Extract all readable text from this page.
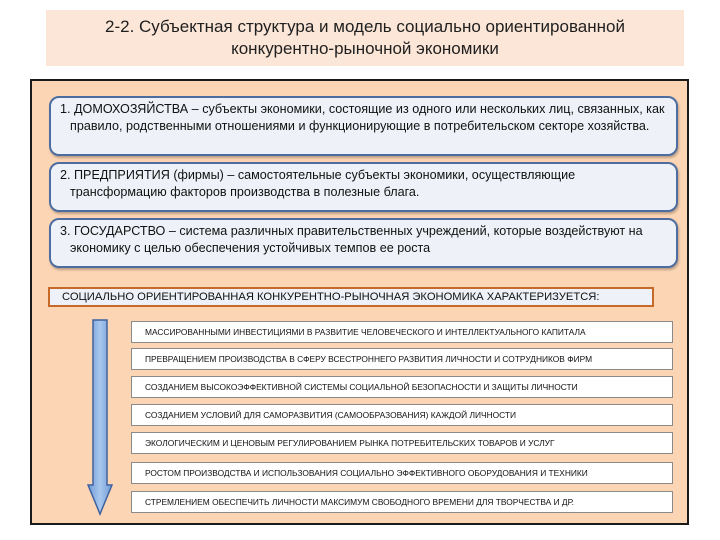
2-2. Субъектная структура и модель социально ориентированной
конкурентно-рыночной экономики
1. ДОМОХОЗЯЙСТВА – субъекты экономики, состоящие из одного или нескольких лиц, связанных, как правило, родственными отношениями и функционирующие в потребительском секторе хозяйства.
2. ПРЕДПРИЯТИЯ (фирмы) – самостоятельные субъекты экономики, осуществляющие трансформацию факторов производства в полезные блага.
3. ГОСУДАРСТВО – система различных правительственных учреждений, которые воздействуют на экономику с целью обеспечения устойчивых темпов ее роста
СОЦИАЛЬНО ОРИЕНТИРОВАННАЯ КОНКУРЕНТНО-РЫНОЧНАЯ ЭКОНОМИКА ХАРАКТЕРИЗУЕТСЯ:
МАССИРОВАННЫМИ ИНВЕСТИЦИЯМИ В РАЗВИТИЕ ЧЕЛОВЕЧЕСКОГО И ИНТЕЛЛЕКТУАЛЬНОГО КАПИТАЛА
ПРЕВРАЩЕНИЕМ ПРОИЗВОДСТВА В СФЕРУ ВСЕСТРОННЕГО РАЗВИТИЯ ЛИЧНОСТИ И СОТРУДНИКОВ ФИРМ
СОЗДАНИЕМ ВЫСОКОЭФФЕКТИВНОЙ СИСТЕМЫ СОЦИАЛЬНОЙ БЕЗОПАСНОСТИ И ЗАЩИТЫ ЛИЧНОСТИ
СОЗДАНИЕМ УСЛОВИЙ ДЛЯ САМОРАЗВИТИЯ (САМООБРАЗОВАНИЯ) КАЖДОЙ ЛИЧНОСТИ
ЭКОЛОГИЧЕСКИМ И ЦЕНОВЫМ РЕГУЛИРОВАНИЕМ РЫНКА ПОТРЕБИТЕЛЬСКИХ ТОВАРОВ И УСЛУГ
РОСТОМ ПРОИЗВОДСТВА И ИСПОЛЬЗОВАНИЯ СОЦИАЛЬНО ЭФФЕКТИВНОГО ОБОРУДОВАНИЯ И ТЕХНИКИ
СТРЕМЛЕНИЕМ ОБЕСПЕЧИТЬ ЛИЧНОСТИ МАКСИМУМ СВОБОДНОГО ВРЕМЕНИ ДЛЯ ТВОРЧЕСТВА И ДР.
